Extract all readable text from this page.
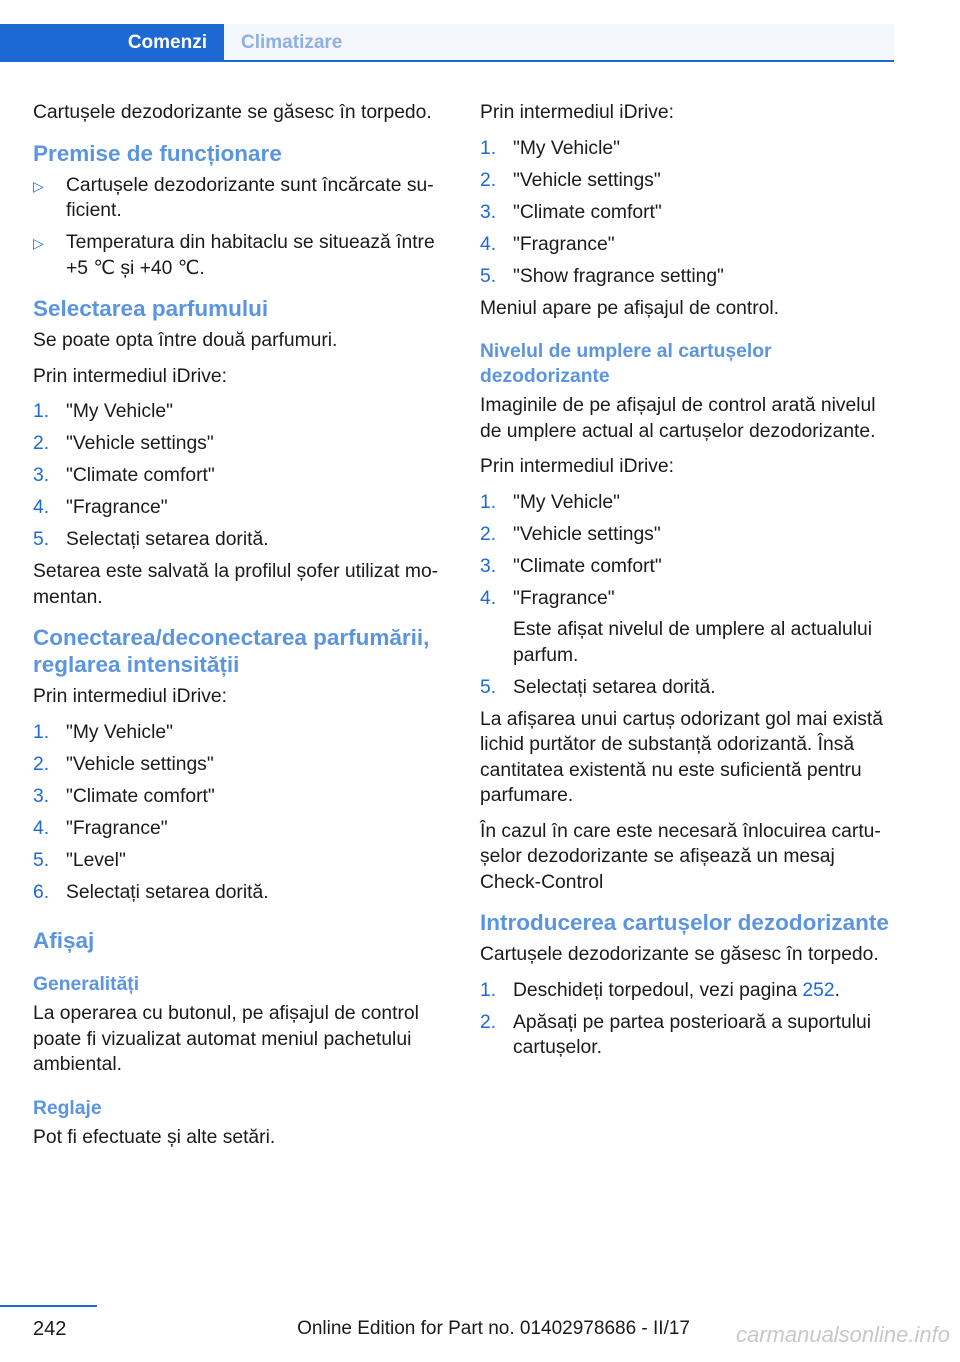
Comenzi	Climatizare

Cartușele dezodorizante se găsesc în torpedo.

Premise de funcționare
▷ Cartușele dezodorizante sunt încărcate su‐ficient.
▷ Temperatura din habitaclu se situează între +5 ℃ și +40 ℃.
Selectarea parfumului

Se poate opta între două parfumuri.

Prin intermediul iDrive:

1. "My Vehicle"
2. "Vehicle settings"
3. "Climate comfort"
4. "Fragrance"
5. Selectați setarea dorită.

Setarea este salvată la profilul șofer utilizat mo‐mentan.

Conectarea/deconectarea parfumării, reglarea intensității

Prin intermediul iDrive:

1. "My Vehicle"
2. "Vehicle settings"
3. "Climate comfort"
4. "Fragrance"
5. "Level"
6. Selectați setarea dorită.
Afișaj
Generalități

La operarea cu butonul, pe afișajul de control poate fi vizualizat automat meniul pachetului ambiental.

Reglaje

Pot fi efectuate și alte setări.

Prin intermediul iDrive:

1. "My Vehicle"
2. "Vehicle settings"
3. "Climate comfort"
4. "Fragrance"
5. "Show fragrance setting"

Meniul apare pe afișajul de control.

Nivelul de umplere al cartușelor dezodorizante

Imaginile de pe afișajul de control arată nivelul de umplere actual al cartușelor dezodorizante.

Prin intermediul iDrive:

1. "My Vehicle"
2. "Vehicle settings"
3. "Climate comfort"
4. "Fragrance"
Este afișat nivelul de umplere al actualului parfum.
5. Selectați setarea dorită.

La afișarea unui cartuș odorizant gol mai există lichid purtător de substanță odorizantă. Însă cantitatea existentă nu este suficientă pentru parfumare.

În cazul în care este necesară înlocuirea cartu‐șelor dezodorizante se afișează un mesaj Check-Control

Introducerea cartușelor dezodorizante

Cartușele dezodorizante se găsesc în torpedo.

1. Deschideți torpedoul, vezi pagina 252.
2. Apăsați pe partea posterioară a suportului cartușelor.
242	Online Edition for Part no. 01402978686 - II/17 carmanualsonline.info
